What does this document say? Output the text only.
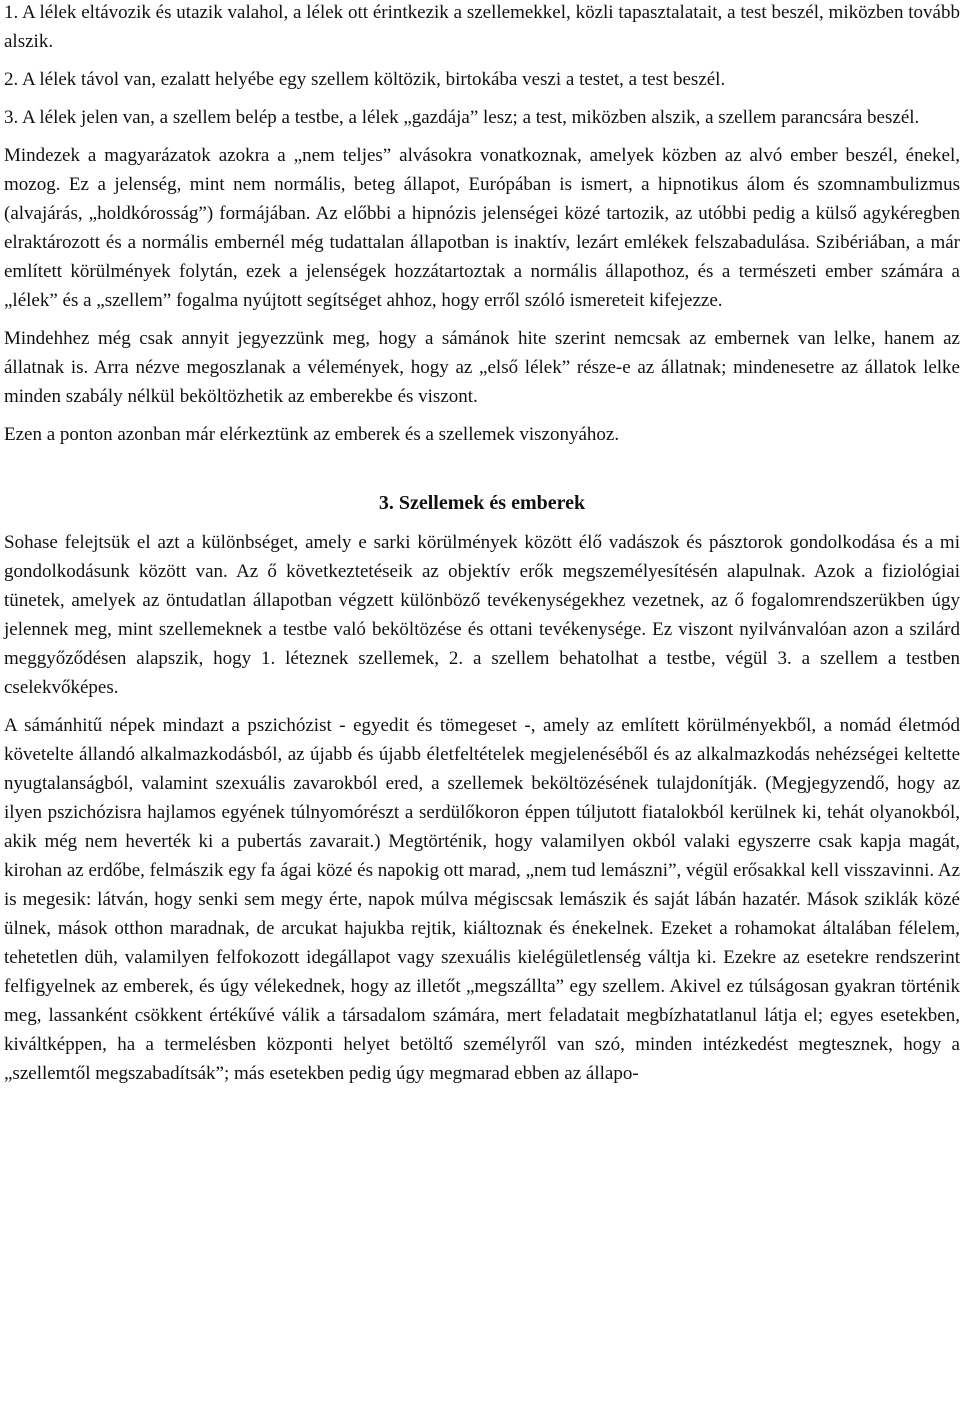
1. A lélek eltávozik és utazik valahol, a lélek ott érintkezik a szellemekkel, közli tapasztalatait, a test beszél, miközben tovább alszik.

2. A lélek távol van, ezalatt helyébe egy szellem költözik, birtokába veszi a testet, a test beszél.

3. A lélek jelen van, a szellem belép a testbe, a lélek „gazdája” lesz; a test, miközben alszik, a szellem parancsára beszél.

Mindezek a magyarázatok azokra a „nem teljes” alvásokra vonatkoznak, amelyek közben az alvó ember beszél, énekel, mozog. Ez a jelenség, mint nem normális, beteg állapot, Európában is ismert, a hipnotikus álom és szomnambulizmus (alvajárás, „holdkórosság”) formájában. Az előbbi a hipnózis jelenségei közé tartozik, az utóbbi pedig a külső agykéregben elraktározott és a normális embernél még tudattalan állapotban is inaktív, lezárt emlékek felszabadulása. Szibériában, a már említett körülmények folytán, ezek a jelenségek hozzátartoztak a normális állapothoz, és a természeti ember számára a „lélek” és a „szellem” fogalma nyújtott segítséget ahhoz, hogy erről szóló ismereteit kifejezze.

Mindehhez még csak annyit jegyezzünk meg, hogy a sámánok hite szerint nemcsak az embernek van lelke, hanem az állatnak is. Arra nézve megoszlanak a vélemények, hogy az „első lélek” része-e az állatnak; mindenesetre az állatok lelke minden szabály nélkül beköltözhetik az emberekbe és viszont.

Ezen a ponton azonban már elérkeztünk az emberek és a szellemek viszonyához.

3. Szellemek és emberek

Sohase felejtsük el azt a különbséget, amely e sarki körülmények között élő vadászok és pásztorok gondolkodása és a mi gondolkodásunk között van. Az ő következtetéseik az objektív erők megszemélyesítésén alapulnak. Azok a fiziológiai tünetek, amelyek az öntudatlan állapotban végzett különböző tevékenységekhez vezetnek, az ő fogalomrendszerükben úgy jelennek meg, mint szellemeknek a testbe való beköltözése és ottani tevékenysége. Ez viszont nyilvánvalóan azon a szilárd meggyőződésen alapszik, hogy 1. léteznek szellemek, 2. a szellem behatolhat a testbe, végül 3. a szellem a testben cselekvőképes.

A sámánhitű népek mindazt a pszichózist - egyedit és tömegeset -, amely az említett körülményekből, a nomád életmód követelte állandó alkalmazkodásból, az újabb és újabb életfeltételek megjelenéséből és az alkalmazkodás nehézségei keltette nyugtalanságból, valamint szexuális zavarokból ered, a szellemek beköltözésének tulajdonítják. (Megjegyzendő, hogy az ilyen pszichózisra hajlamos egyének túlnyomórészt a serdülőkoron éppen túljutott fiatalokból kerülnek ki, tehát olyanokból, akik még nem heverték ki a pubertás zavarait.) Megtörténik, hogy valamilyen okból valaki egyszerre csak kapja magát, kirohan az erdőbe, felmászik egy fa ágai közé és napokig ott marad, „nem tud lemászni”, végül erősakkal kell visszavinni. Az is megesik: látván, hogy senki sem megy érte, napok múlva mégiscsak lemászik és saját lábán hazatér. Mások sziklák közé ülnek, mások otthon maradnak, de arcukat hajukba rejtik, kiáltoznak és énekelnek. Ezeket a rohamokat általában félelem, tehetetlen düh, valamilyen felfokozott idegállapot vagy szexuális kielégületlenség váltja ki. Ezekre az esetekre rendszerint felfigyelnek az emberek, és úgy vélekednek, hogy az illetőt „megszállta” egy szellem. Akivel ez túlságosan gyakran történik meg, lassanként csökkent értékűvé válik a társadalom számára, mert feladatait megbízhatatlanul látja el; egyes esetekben, kiváltképpen, ha a termelésben központi helyet betöltő személyről van szó, minden intézkedést megtesznek, hogy a „szellemtől megszabadítsák”; más esetekben pedig úgy megmarad ebben az állapo-
